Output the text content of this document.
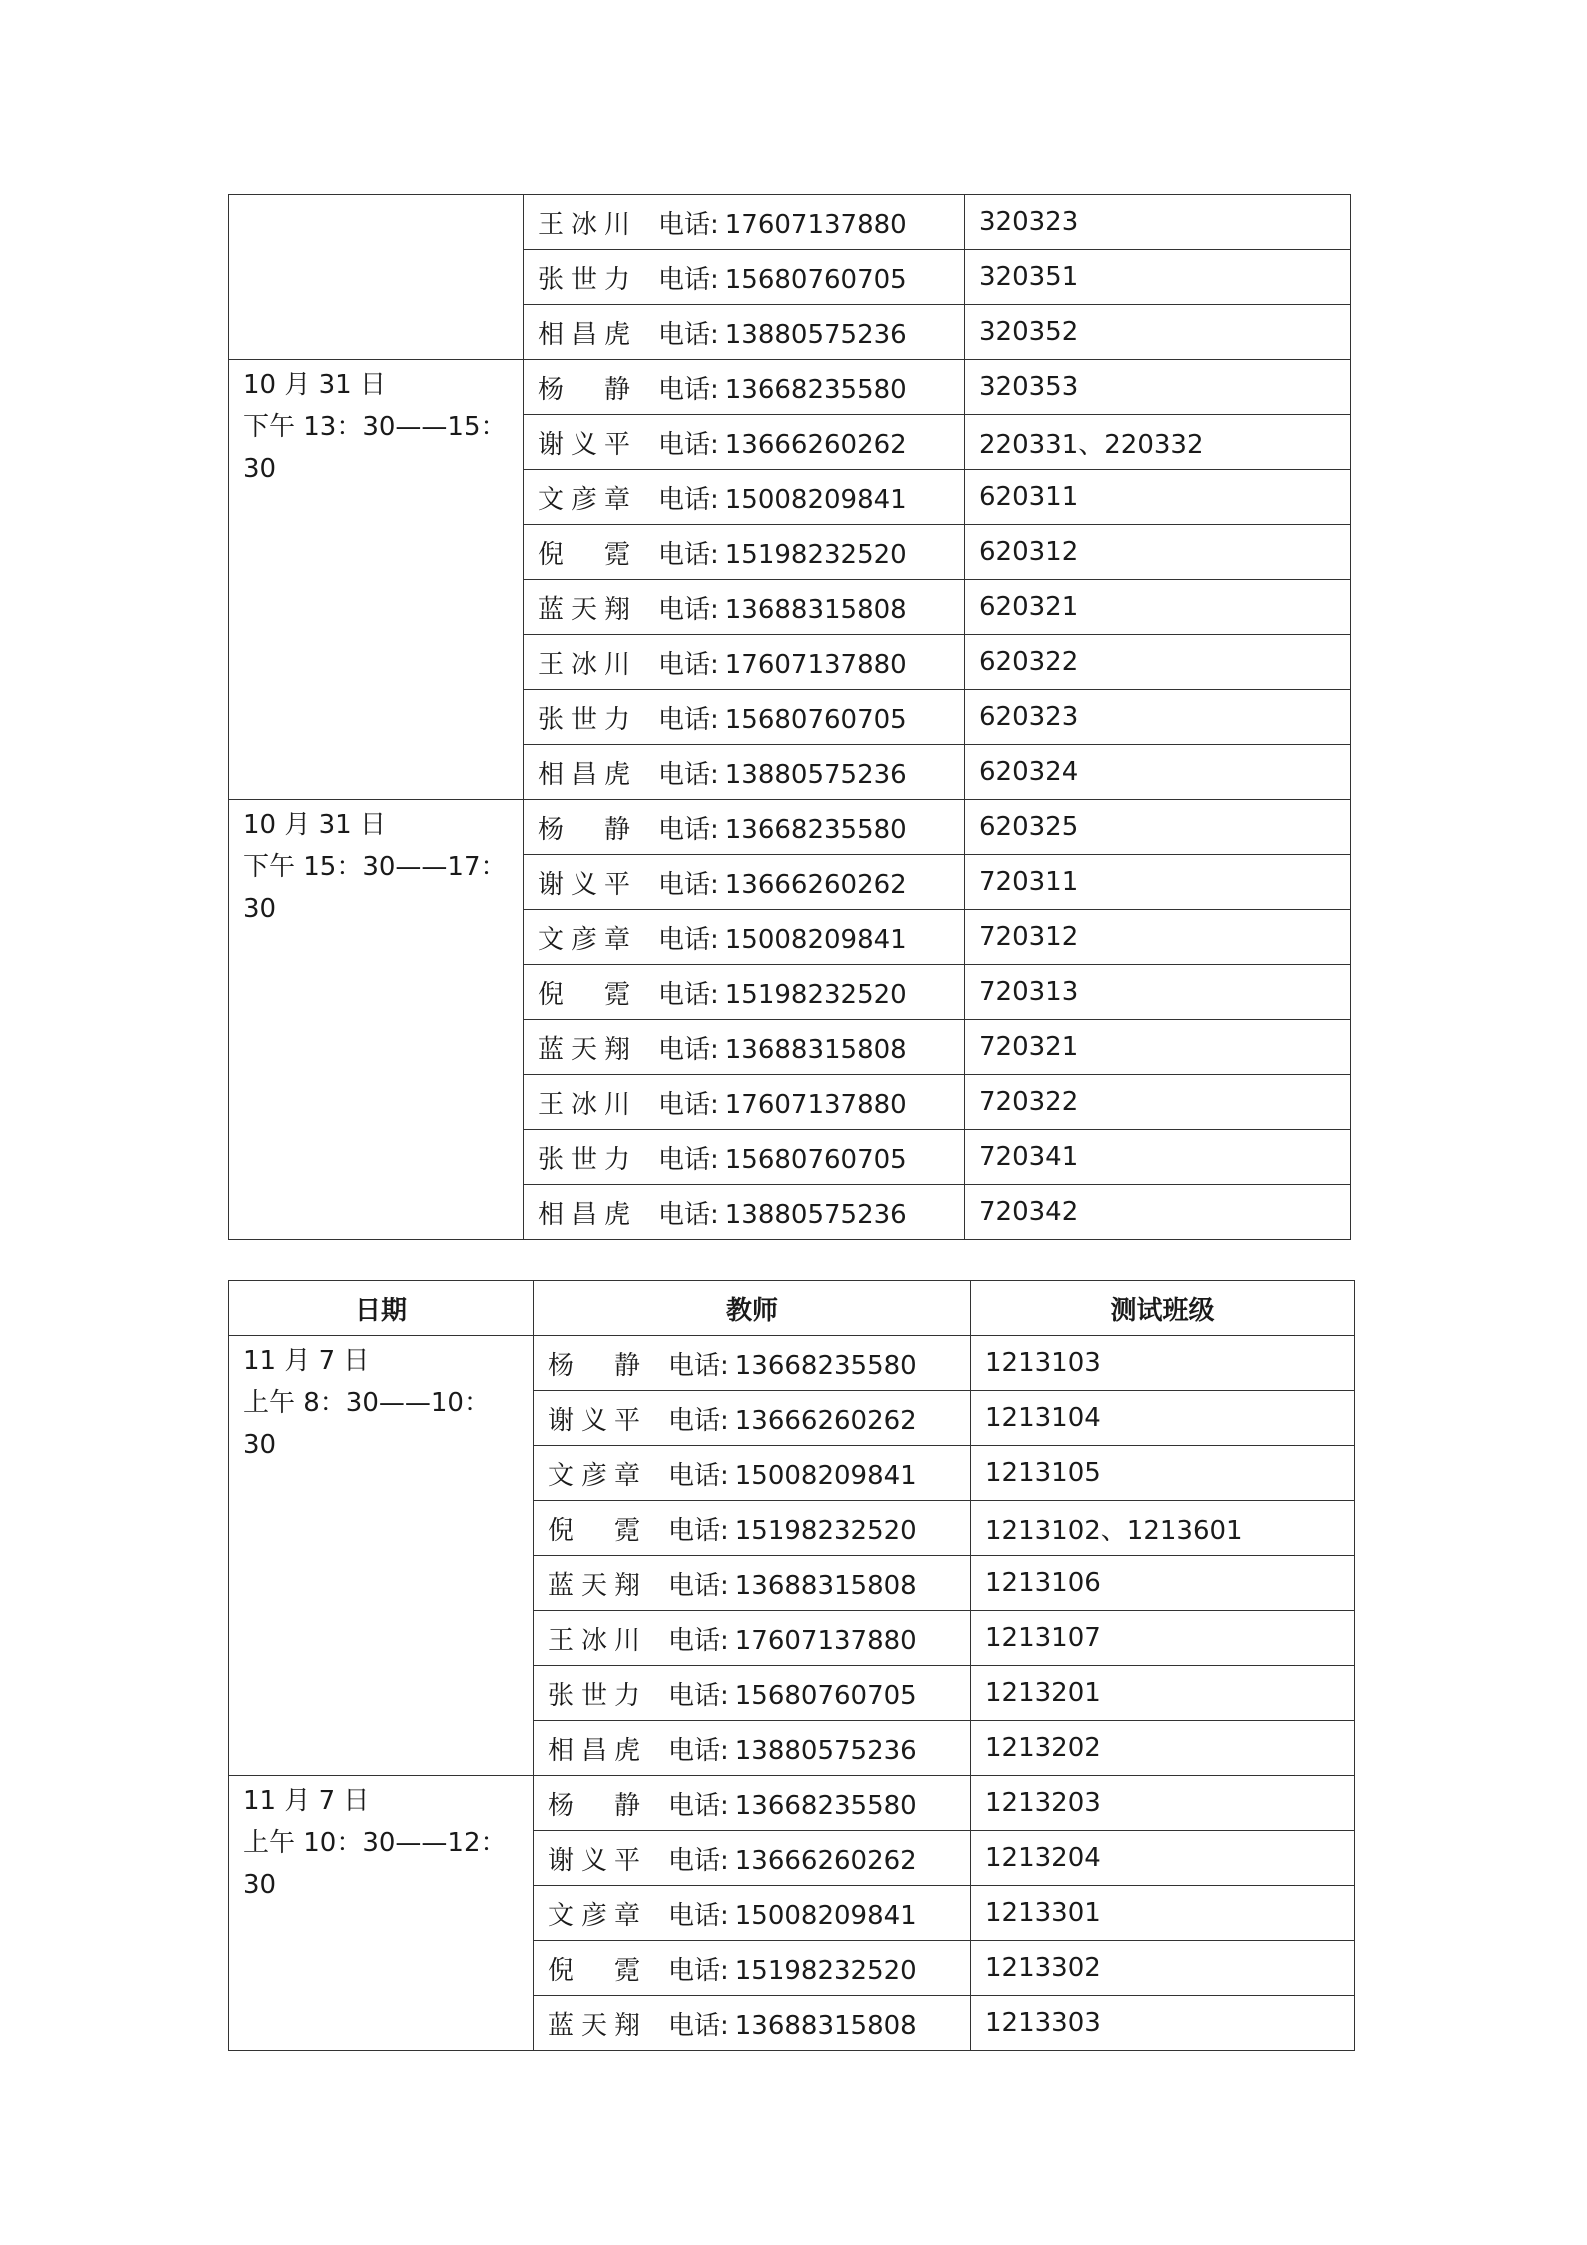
	王冰川 电话: 17607137880	320323
	张世力 电话: 15680760705	320351
	相昌虎 电话: 13880575236	320352

10 月 31 日
下午 13：30——15：30	杨静 电话: 13668235580	320353
	谢义平 电话: 13666260262	220331、220332
	文彦章 电话: 15008209841	620311
	倪霓 电话: 15198232520	620312
	蓝天翔 电话: 13688315808	620321
	王冰川 电话: 17607137880	620322
	张世力 电话: 15680760705	620323
	相昌虎 电话: 13880575236	620324

10 月 31 日
下午 15：30——17：30	杨静 电话: 13668235580	620325
	谢义平 电话: 13666260262	720311
	文彦章 电话: 15008209841	720312
	倪霓 电话: 15198232520	720313
	蓝天翔 电话: 13688315808	720321
	王冰川 电话: 17607137880	720322
	张世力 电话: 15680760705	720341
	相昌虎 电话: 13880575236	720342
日期	教师	测试班级

11 月 7 日
上午 8：30——10：30	杨静 电话: 13668235580	1213103
	谢义平 电话: 13666260262	1213104
	文彦章 电话: 15008209841	1213105
	倪霓 电话: 15198232520	1213102、1213601
	蓝天翔 电话: 13688315808	1213106
	王冰川 电话: 17607137880	1213107
	张世力 电话: 15680760705	1213201
	相昌虎 电话: 13880575236	1213202

11 月 7 日
上午 10：30——12：30	杨静 电话: 13668235580	1213203
	谢义平 电话: 13666260262	1213204
	文彦章 电话: 15008209841	1213301
	倪霓 电话: 15198232520	1213302
	蓝天翔 电话: 13688315808	1213303
